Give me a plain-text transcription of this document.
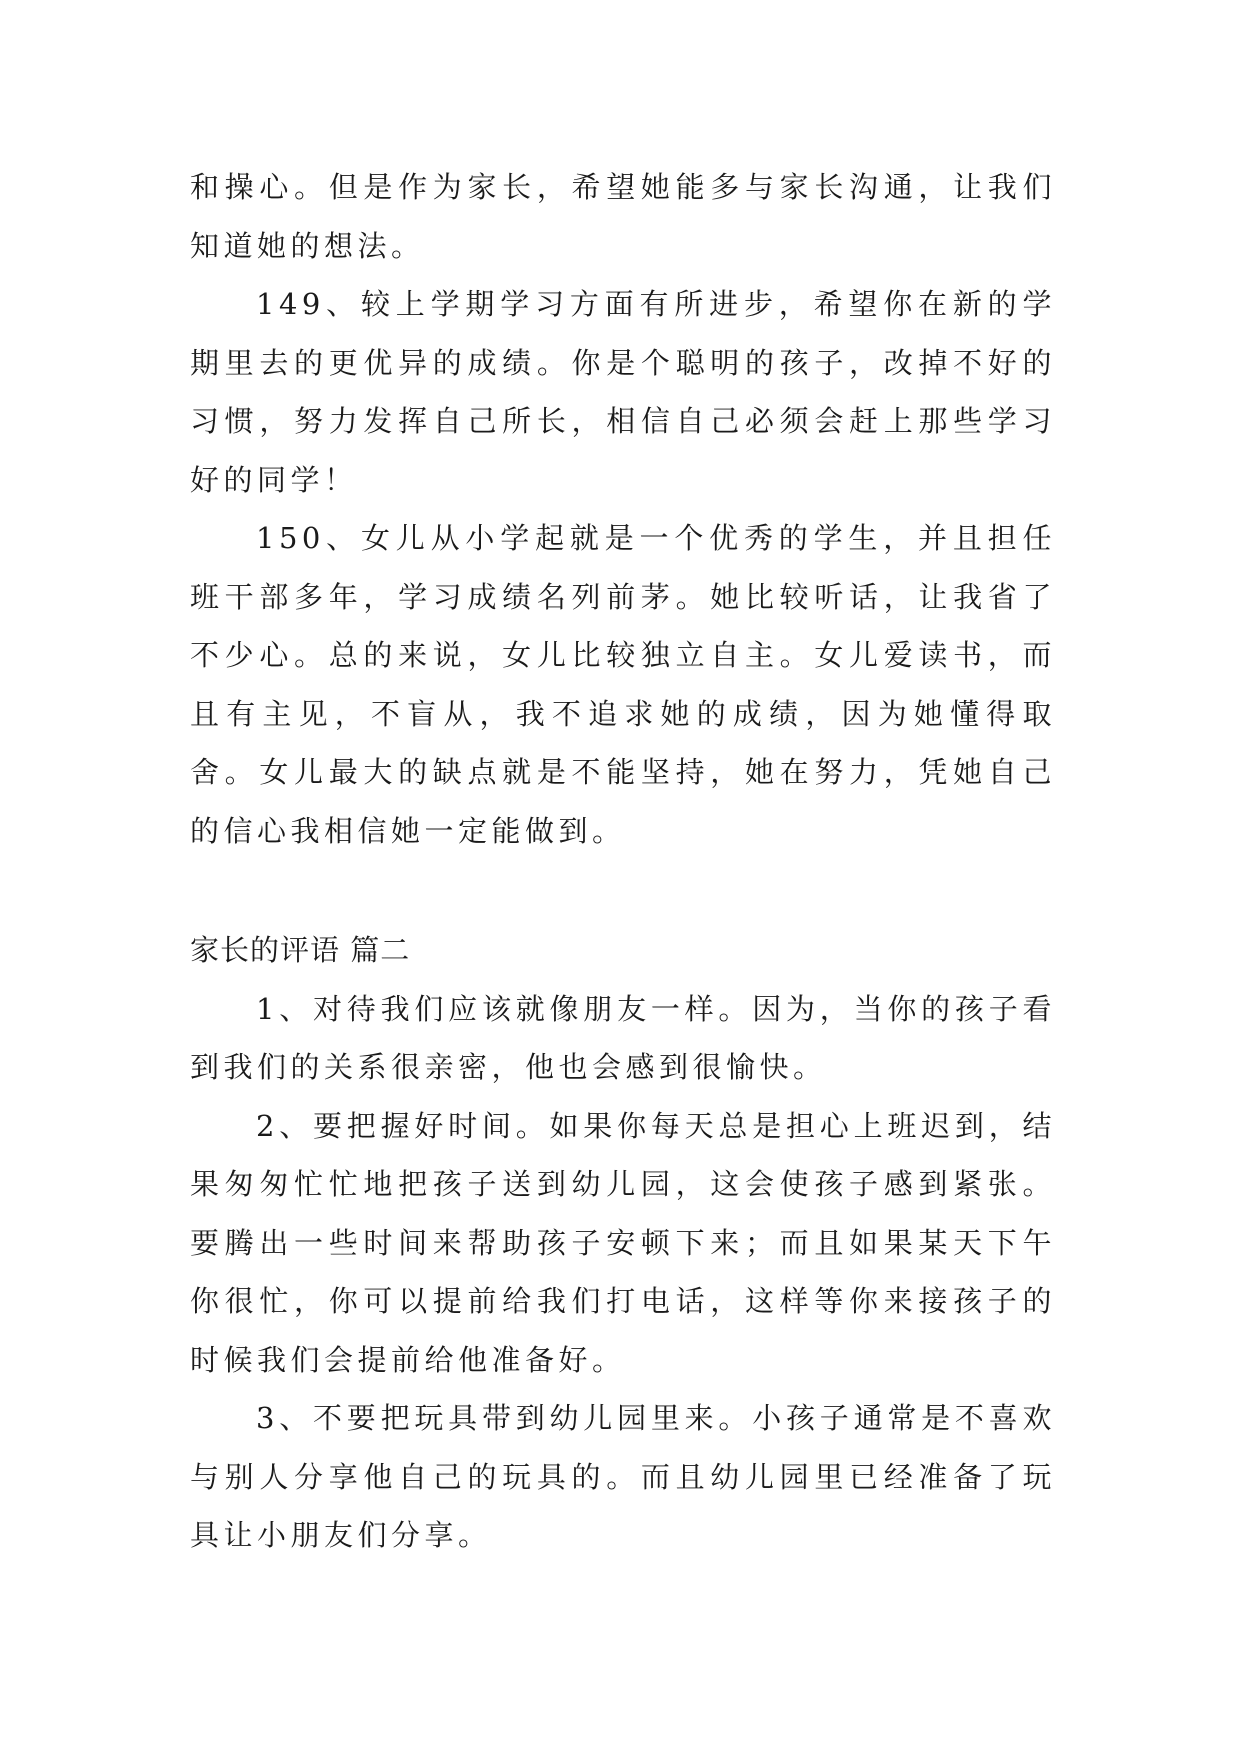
和操心。但是作为家长，希望她能多与家长沟通，让我们知道她的想法。

149、较上学期学习方面有所进步，希望你在新的学期里去的更优异的成绩。你是个聪明的孩子，改掉不好的习惯，努力发挥自己所长，相信自己必须会赶上那些学习好的同学！

150、女儿从小学起就是一个优秀的学生，并且担任班干部多年，学习成绩名列前茅。她比较听话，让我省了不少心。总的来说，女儿比较独立自主。女儿爱读书，而且有主见，不盲从，我不追求她的成绩，因为她懂得取舍。女儿最大的缺点就是不能坚持，她在努力，凭她自己的信心我相信她一定能做到。

家长的评语 篇二

1、对待我们应该就像朋友一样。因为，当你的孩子看到我们的关系很亲密，他也会感到很愉快。

2、要把握好时间。如果你每天总是担心上班迟到，结果匆匆忙忙地把孩子送到幼儿园，这会使孩子感到紧张。要腾出一些时间来帮助孩子安顿下来；而且如果某天下午你很忙，你可以提前给我们打电话，这样等你来接孩子的时候我们会提前给他准备好。

3、不要把玩具带到幼儿园里来。小孩子通常是不喜欢与别人分享他自己的玩具的。而且幼儿园里已经准备了玩具让小朋友们分享。
